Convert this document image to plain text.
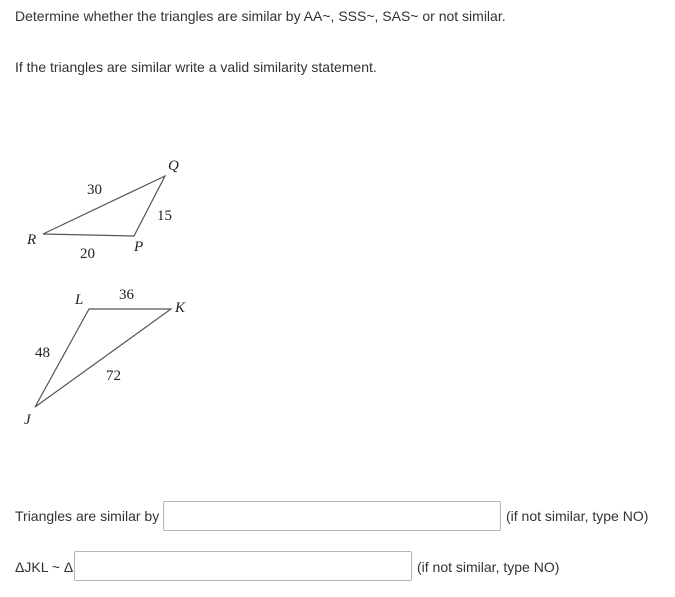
Determine whether the triangles are similar by AA~, SSS~, SAS~ or not similar.
If the triangles are similar write a valid similarity statement.
R	P
Q
30
15
20
J
L	K
36
48
72
Triangles are similar by	(if not similar, type NO)
ΔJKL ~ Δ	(if not similar, type NO)
